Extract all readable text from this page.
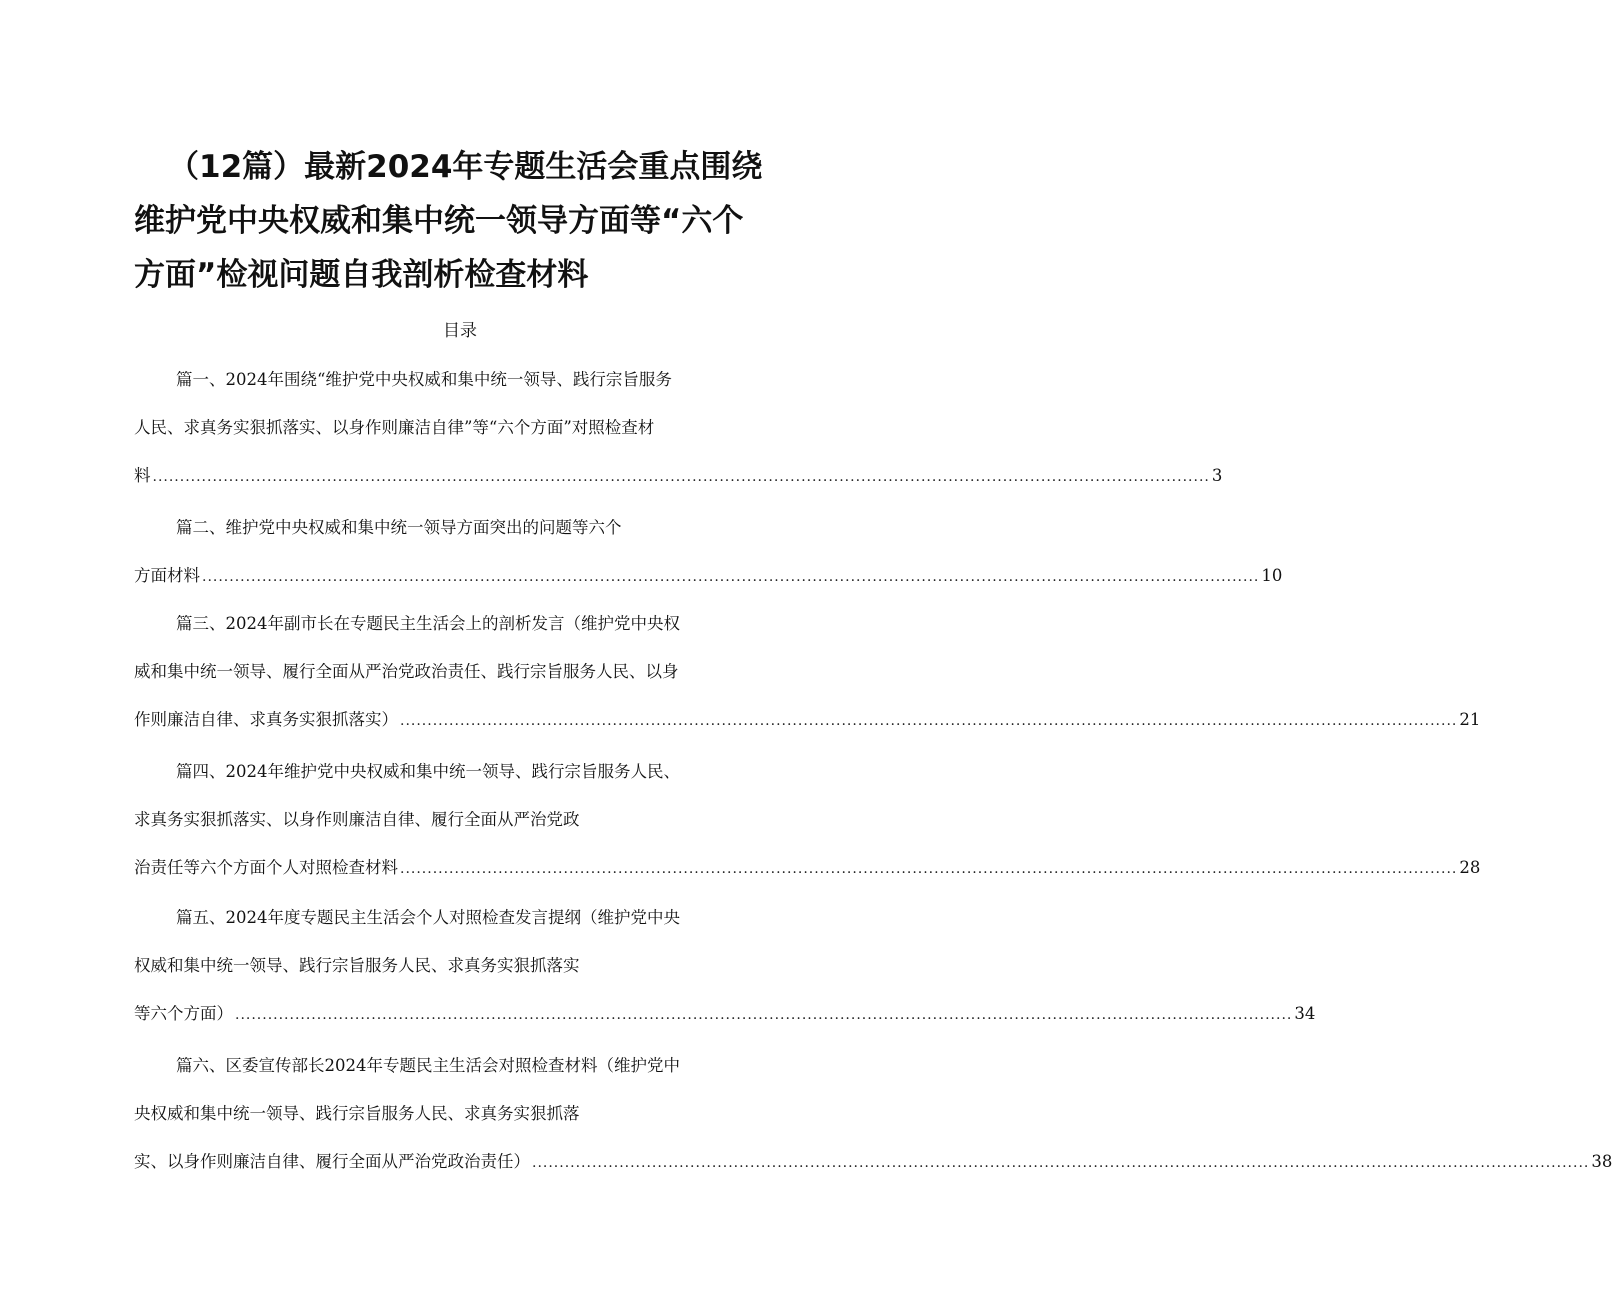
（12篇）最新2024年专题生活会重点围绕
维护党中央权威和集中统一领导方面等“六个
方面”检视问题自我剖析检查材料
目录
篇一、2024年围绕“维护党中央权威和集中统一领导、践行宗旨服务
人民、求真务实狠抓落实、以身作则廉洁自律”等“六个方面”对照检查材
料 .................................................................................................................................................................................................. 3
篇二、维护党中央权威和集中统一领导方面突出的问题等六个
方面材料 .................................................................................................................................................................................................. 10
篇三、2024年副市长在专题民主生活会上的剖析发言（维护党中央权
威和集中统一领导、履行全面从严治党政治责任、践行宗旨服务人民、以身
作则廉洁自律、求真务实狠抓落实） .................................................................................................................................................................................................. 21
篇四、2024年维护党中央权威和集中统一领导、践行宗旨服务人民、
求真务实狠抓落实、以身作则廉洁自律、履行全面从严治党政
治责任等六个方面个人对照检查材料 .................................................................................................................................................................................................. 28
篇五、2024年度专题民主生活会个人对照检查发言提纲（维护党中央
权威和集中统一领导、践行宗旨服务人民、求真务实狠抓落实
等六个方面） .................................................................................................................................................................................................. 34
篇六、区委宣传部长2024年专题民主生活会对照检查材料（维护党中
央权威和集中统一领导、践行宗旨服务人民、求真务实狠抓落
实、以身作则廉洁自律、履行全面从严治党政治责任） .................................................................................................................................................................................................. 38
